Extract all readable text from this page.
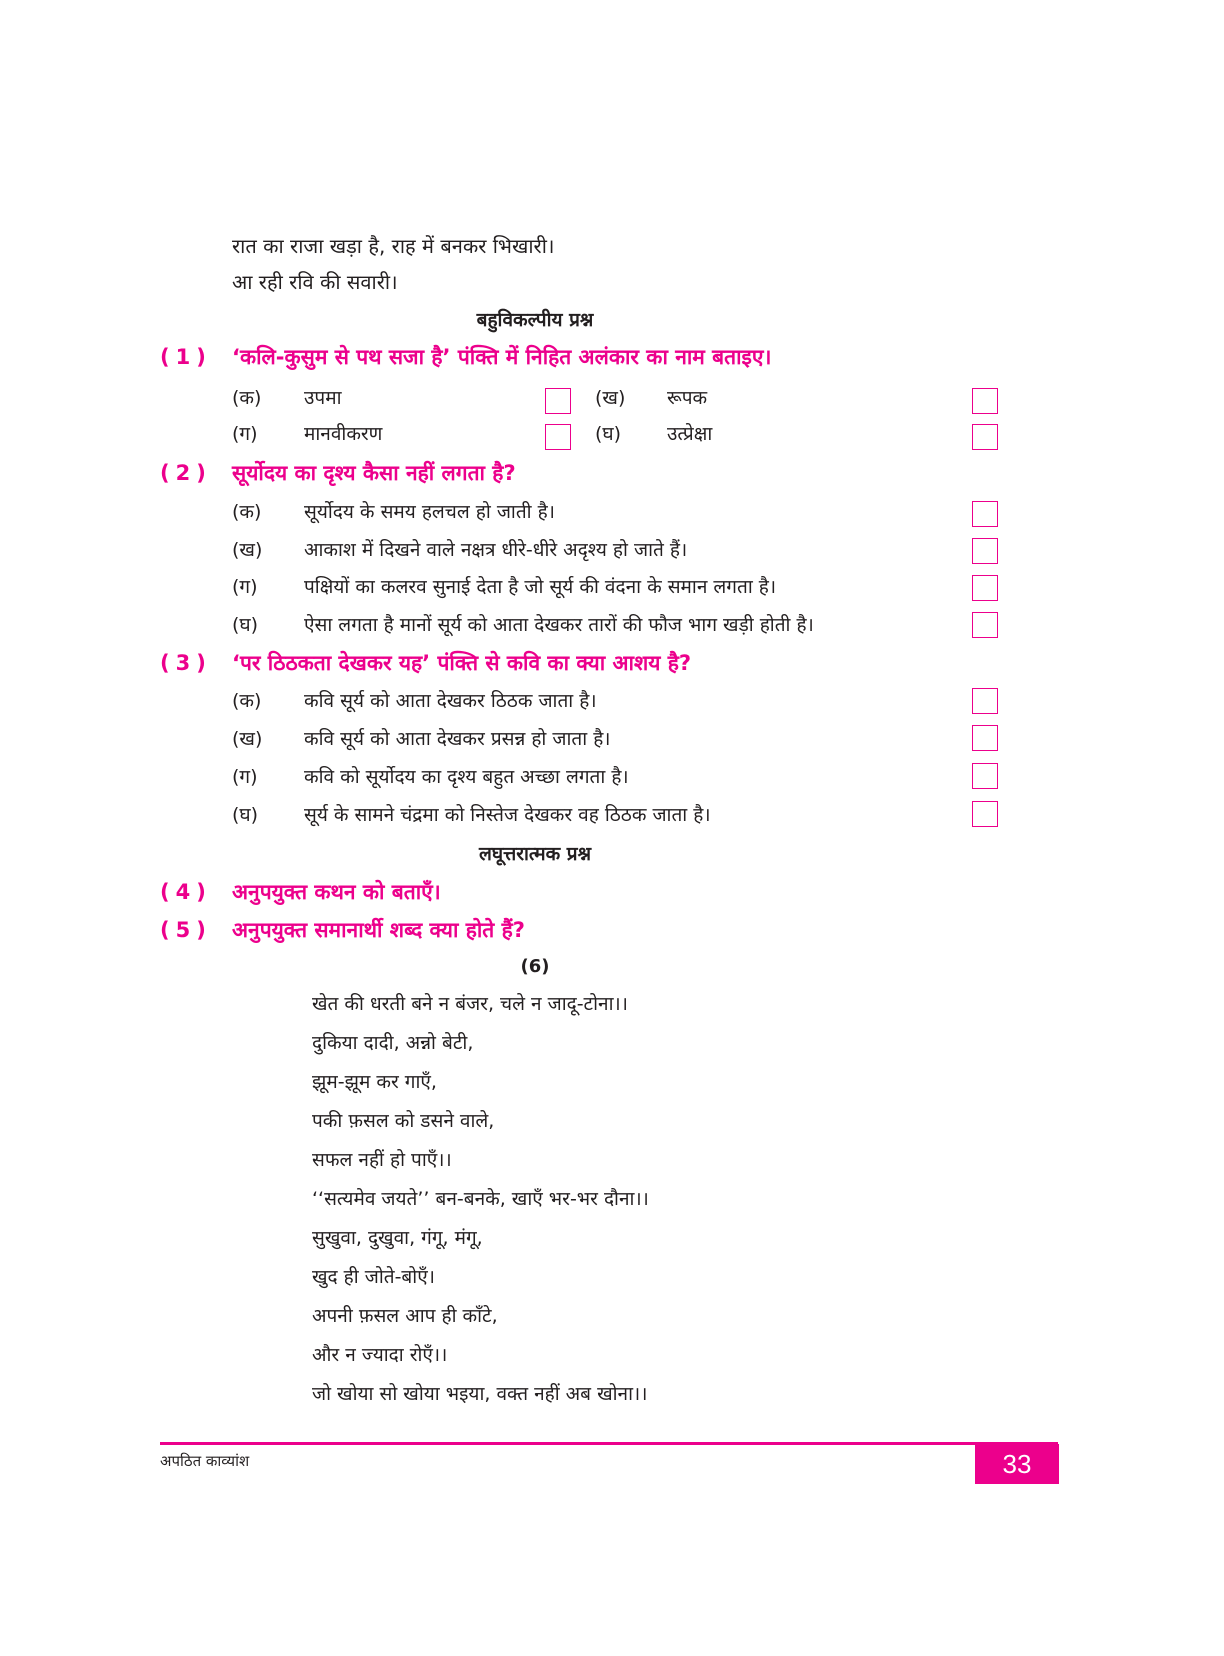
रात का राजा खड़ा है, राह में बनकर भिखारी।
आ रही रवि की सवारी।
बहुविकल्पीय प्रश्न
(1) ‘कलि-कुसुम से पथ सजा है’ पंक्ति में निहित अलंकार का नाम बताइए।
(क) उपमा	(ख) रूपक
(ग) मानवीकरण	(घ) उत्प्रेक्षा
(2) सूर्योदय का दृश्य कैसा नहीं लगता है?
(क) सूर्योदय के समय हलचल हो जाती है।
(ख) आकाश में दिखने वाले नक्षत्र धीरे-धीरे अदृश्य हो जाते हैं।
(ग) पक्षियों का कलरव सुनाई देता है जो सूर्य की वंदना के समान लगता है।
(घ) ऐसा लगता है मानों सूर्य को आता देखकर तारों की फौज भाग खड़ी होती है।
(3) ‘पर ठिठकता देखकर यह’ पंक्ति से कवि का क्या आशय है?
(क) कवि सूर्य को आता देखकर ठिठक जाता है।
(ख) कवि सूर्य को आता देखकर प्रसन्न हो जाता है।
(ग) कवि को सूर्योदय का दृश्य बहुत अच्छा लगता है।
(घ) सूर्य के सामने चंद्रमा को निस्तेज देखकर वह ठिठक जाता है।
लघूत्तरात्मक प्रश्न
(4) अनुपयुक्त कथन को बताएँ।
(5) अनुपयुक्त समानार्थी शब्द क्या होते हैं?
(6)
खेत की धरती बने न बंजर, चले न जादू-टोना।।
दुकिया दादी, अन्नो बेटी,
झूम-झूम कर गाएँ,
पकी फ़सल को डसने वाले,
सफल नहीं हो पाएँ।।
‘‘सत्यमेव जयते’’ बन-बनके, खाएँ भर-भर दौना।।
सुखुवा, दुखुवा, गंगू, मंगू,
खुद ही जोते-बोएँ।
अपनी फ़सल आप ही काँटे,
और न ज्यादा रोएँ।।
जो खोया सो खोया भइया, वक्त नहीं अब खोना।।
अपठित काव्यांश	33
